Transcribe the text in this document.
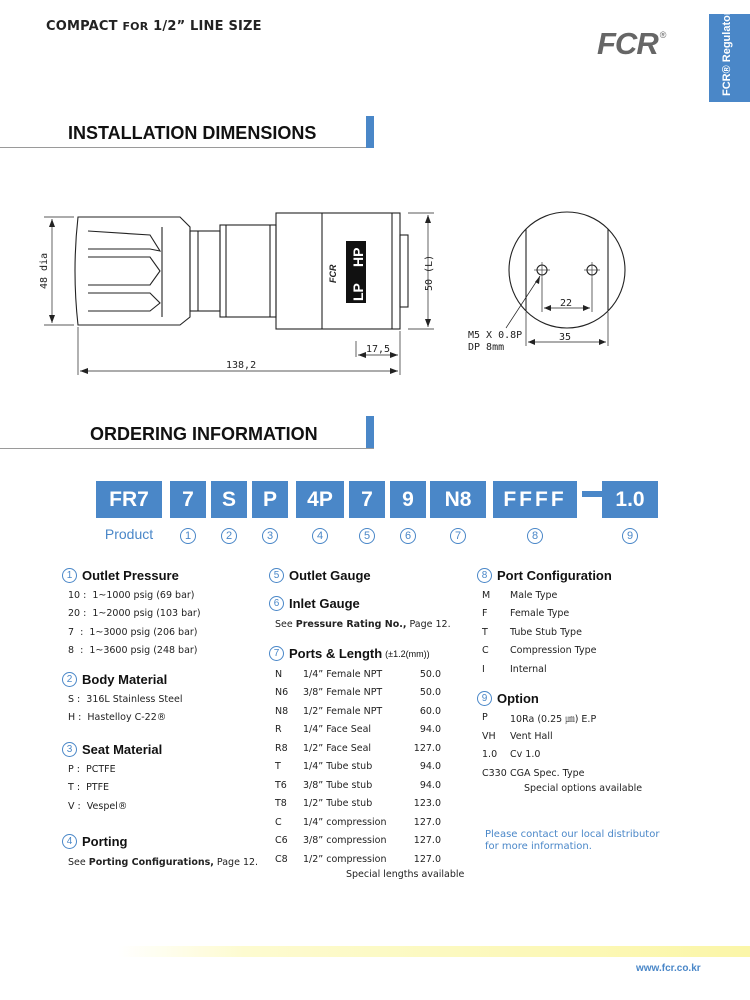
COMPACT FOR 1/2” LINE SIZE	FCR ®	FCR® Regulators
INSTALLATION DIMENSIONS
FCR
LP
HP
48 dia	50 (L)
138,2
17,5
22
35
M5 X 0.8P
DP 8mm
ORDERING INFORMATION
FR7	7	S	P	4P	7	9	N8	FFFF	1.0
Product	1	2	3	4	5	6	7	8	9
1 Outlet Pressure
10 :  1~1000 psig (69 bar)
20 :  1~2000 psig (103 bar)
7  :  1~3000 psig (206 bar)
8  :  1~3600 psig (248 bar)
2 Body Material
S :  316L Stainless Steel
H :  Hastelloy C-22®
3 Seat Material
P :  PCTFE
T :  PTFE
V :  Vespel®
4 Porting
See Porting Configurations, Page 12.
5 Outlet Gauge
6 Inlet Gauge
See Pressure Rating No., Page 12.
7 Ports & Length (±1.2(mm))
N	1/4” Female NPT	50.0
N6	3/8” Female NPT	50.0
N8	1/2” Female NPT	60.0
R	1/4” Face Seal	94.0
R8	1/2” Face Seal	127.0
T	1/4” Tube stub	94.0
T6	3/8” Tube stub	94.0
T8	1/2” Tube stub	123.0
C	1/4” compression	127.0
C6	3/8” compression	127.0
C8	1/2” compression	127.0
Special lengths available
8 Port Configuration
M	Male Type
F	Female Type
T	Tube Stub Type
C	Compression Type
I	Internal
9 Option
P	10Ra (0.25 ㎛) E.P
VH	Vent Hall
1.0	Cv 1.0
C330 CGA Spec. Type
Special options available
Please contact our local distributor
for more information.
www.fcr.co.kr
